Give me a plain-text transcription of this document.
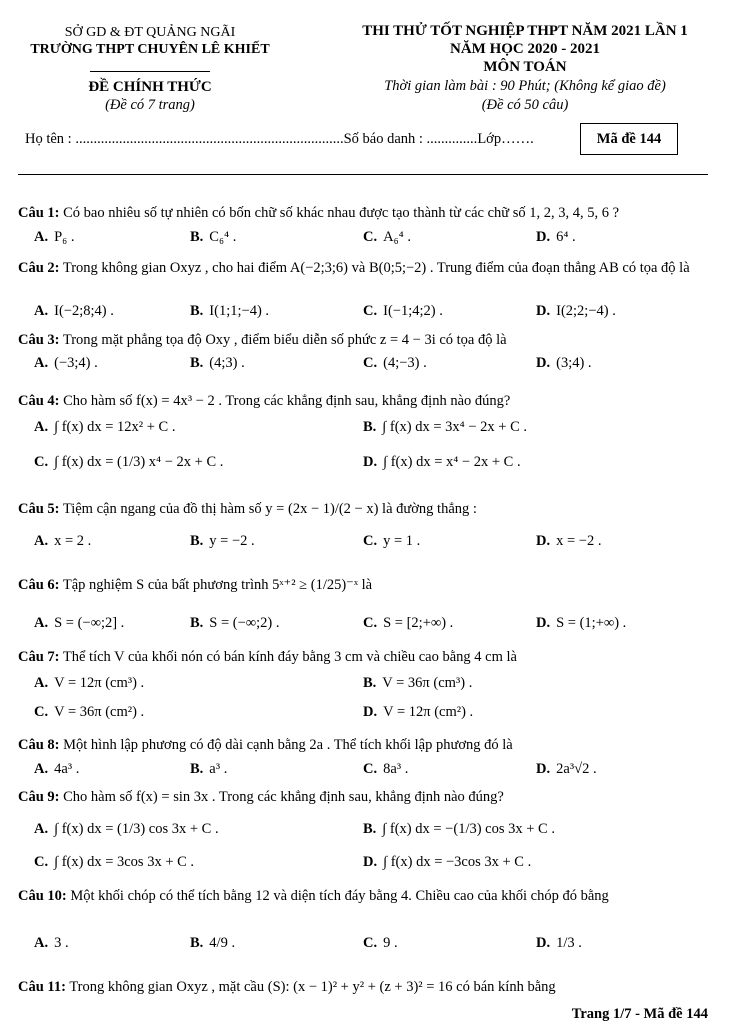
SỞ GD & ĐT QUẢNG NGÃI
TRƯỜNG THPT CHUYÊN LÊ KHIẾT
ĐỀ CHÍNH THỨC
(Đề có 7 trang)
THI THỬ TỐT NGHIỆP THPT NĂM 2021 LẦN 1
NĂM HỌC 2020 - 2021
MÔN TOÁN
Thời gian làm bài : 90 Phút; (Không kể giao đề)
(Đề có 50 câu)
Họ tên : ..........................................................................Số báo danh : ..............Lớp…….	Mã đề 144
Câu 1: Có bao nhiêu số tự nhiên có bốn chữ số khác nhau được tạo thành từ các chữ số 1, 2, 3, 4, 5, 6 ?
A. P₆ .	B. C₆⁴ .	C. A₆⁴ .	D. 6⁴ .
Câu 2: Trong không gian Oxyz , cho hai điểm A(−2;3;6) và B(0;5;−2) . Trung điểm của đoạn thẳng AB có tọa độ là
A. I(−2;8;4) .	B. I(1;1;−4) .	C. I(−1;4;2) .	D. I(2;2;−4) .
Câu 3: Trong mặt phẳng tọa độ Oxy , điểm biểu diễn số phức z = 4 − 3i có tọa độ là
A. (−3;4) .	B. (4;3) .	C. (4;−3) .	D. (3;4) .
Câu 4: Cho hàm số f(x) = 4x³ − 2 . Trong các khẳng định sau, khẳng định nào đúng?
A. ∫ f(x) dx = 12x² + C .	B. ∫ f(x) dx = 3x⁴ − 2x + C .
C. ∫ f(x) dx = (1/3) x⁴ − 2x + C .	D. ∫ f(x) dx = x⁴ − 2x + C .
Câu 5: Tiệm cận ngang của đồ thị hàm số y = (2x − 1)/(2 − x) là đường thẳng :
A. x = 2 .	B. y = −2 .	C. y = 1 .	D. x = −2 .
Câu 6: Tập nghiệm S của bất phương trình 5ˣ⁺² ≥ (1/25)⁻ˣ là
A. S = (−∞;2] .	B. S = (−∞;2) .	C. S = [2;+∞) .	D. S = (1;+∞) .
Câu 7: Thể tích V của khối nón có bán kính đáy bằng 3 cm và chiều cao bằng 4 cm là
A. V = 12π (cm³) .	B. V = 36π (cm³) .
C. V = 36π (cm²) .	D. V = 12π (cm²) .
Câu 8: Một hình lập phương có độ dài cạnh bằng 2a . Thể tích khối lập phương đó là
A. 4a³ .	B. a³ .	C. 8a³ .	D. 2a³√2 .
Câu 9: Cho hàm số f(x) = sin 3x . Trong các khẳng định sau, khẳng định nào đúng?
A. ∫ f(x) dx = (1/3) cos 3x + C .	B. ∫ f(x) dx = −(1/3) cos 3x + C .
C. ∫ f(x) dx = 3cos 3x + C .	D. ∫ f(x) dx = −3cos 3x + C .
Câu 10: Một khối chóp có thể tích bằng 12 và diện tích đáy bằng 4. Chiều cao của khối chóp đó bằng
A. 3 .	B. 4/9 .	C. 9 .	D. 1/3 .
Câu 11: Trong không gian Oxyz , mặt cầu (S): (x − 1)² + y² + (z + 3)² = 16 có bán kính bằng
Trang 1/7 - Mã đề 144
